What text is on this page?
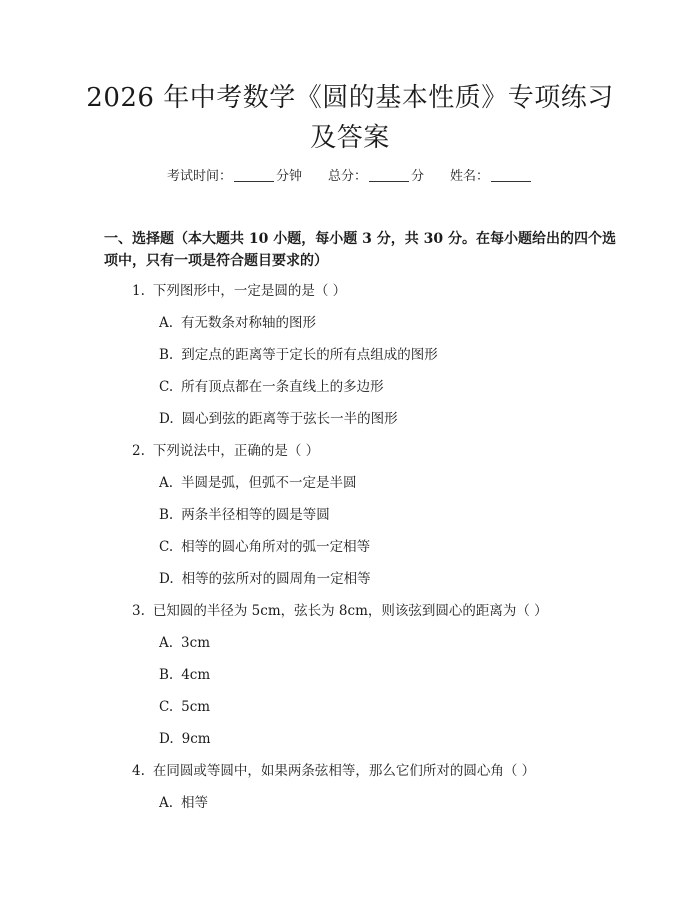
2026 年中考数学《圆的基本性质》专项练习
及答案
考试时间：	分钟 总分：	分 姓名：
一、选择题（本大题共 10 小题，每小题 3 分，共 30 分。在每小题给出的四个选项中，只有一项是符合题目要求的）
1. 下列图形中，一定是圆的是（ ）
A. 有无数条对称轴的图形
B. 到定点的距离等于定长的所有点组成的图形
C. 所有顶点都在一条直线上的多边形
D. 圆心到弦的距离等于弦长一半的图形
2. 下列说法中，正确的是（ ）
A. 半圆是弧，但弧不一定是半圆
B. 两条半径相等的圆是等圆
C. 相等的圆心角所对的弧一定相等
D. 相等的弦所对的圆周角一定相等
3. 已知圆的半径为 5cm，弦长为 8cm，则该弦到圆心的距离为（ ）
A. 3cm
B. 4cm
C. 5cm
D. 9cm
4. 在同圆或等圆中，如果两条弦相等，那么它们所对的圆心角（ ）
A. 相等
